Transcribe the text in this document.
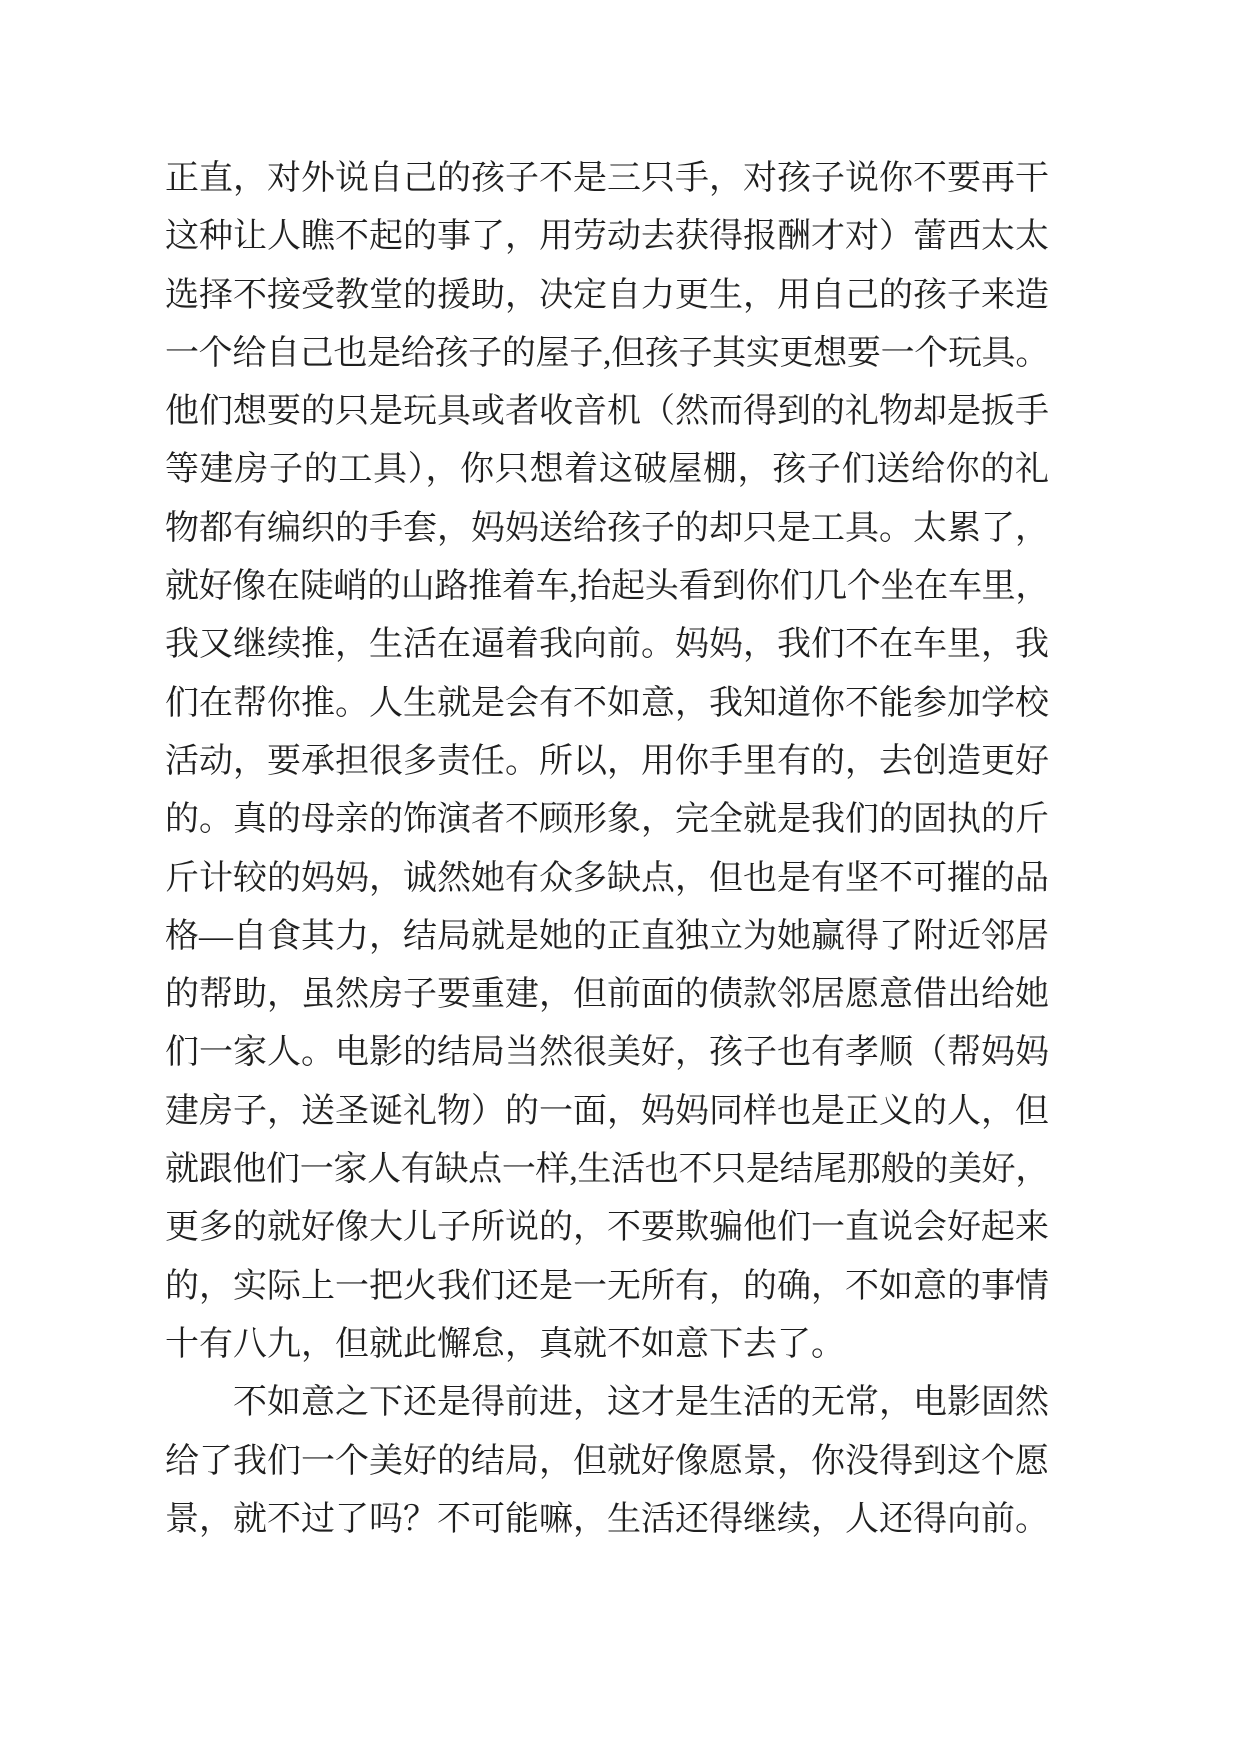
正直，对外说自己的孩子不是三只手，对孩子说你不要再干
这种让人瞧不起的事了，用劳动去获得报酬才对）蕾西太太
选择不接受教堂的援助，决定自力更生，用自己的孩子来造
一个给自己也是给孩子的屋子,但孩子其实更想要一个玩具。
他们想要的只是玩具或者收音机（然而得到的礼物却是扳手
等建房子的工具），你只想着这破屋棚，孩子们送给你的礼
物都有编织的手套，妈妈送给孩子的却只是工具。太累了，
就好像在陡峭的山路推着车,抬起头看到你们几个坐在车里，
我又继续推，生活在逼着我向前。妈妈，我们不在车里，我
们在帮你推。人生就是会有不如意，我知道你不能参加学校
活动，要承担很多责任。所以，用你手里有的，去创造更好
的。真的母亲的饰演者不顾形象，完全就是我们的固执的斤
斤计较的妈妈，诚然她有众多缺点，但也是有坚不可摧的品
格—自食其力，结局就是她的正直独立为她赢得了附近邻居
的帮助，虽然房子要重建，但前面的债款邻居愿意借出给她
们一家人。电影的结局当然很美好，孩子也有孝顺（帮妈妈
建房子，送圣诞礼物）的一面，妈妈同样也是正义的人，但
就跟他们一家人有缺点一样,生活也不只是结尾那般的美好，
更多的就好像大儿子所说的，不要欺骗他们一直说会好起来
的，实际上一把火我们还是一无所有，的确，不如意的事情
十有八九，但就此懈怠，真就不如意下去了。
　　不如意之下还是得前进，这才是生活的无常，电影固然
给了我们一个美好的结局，但就好像愿景，你没得到这个愿
景，就不过了吗？不可能嘛，生活还得继续，人还得向前。
